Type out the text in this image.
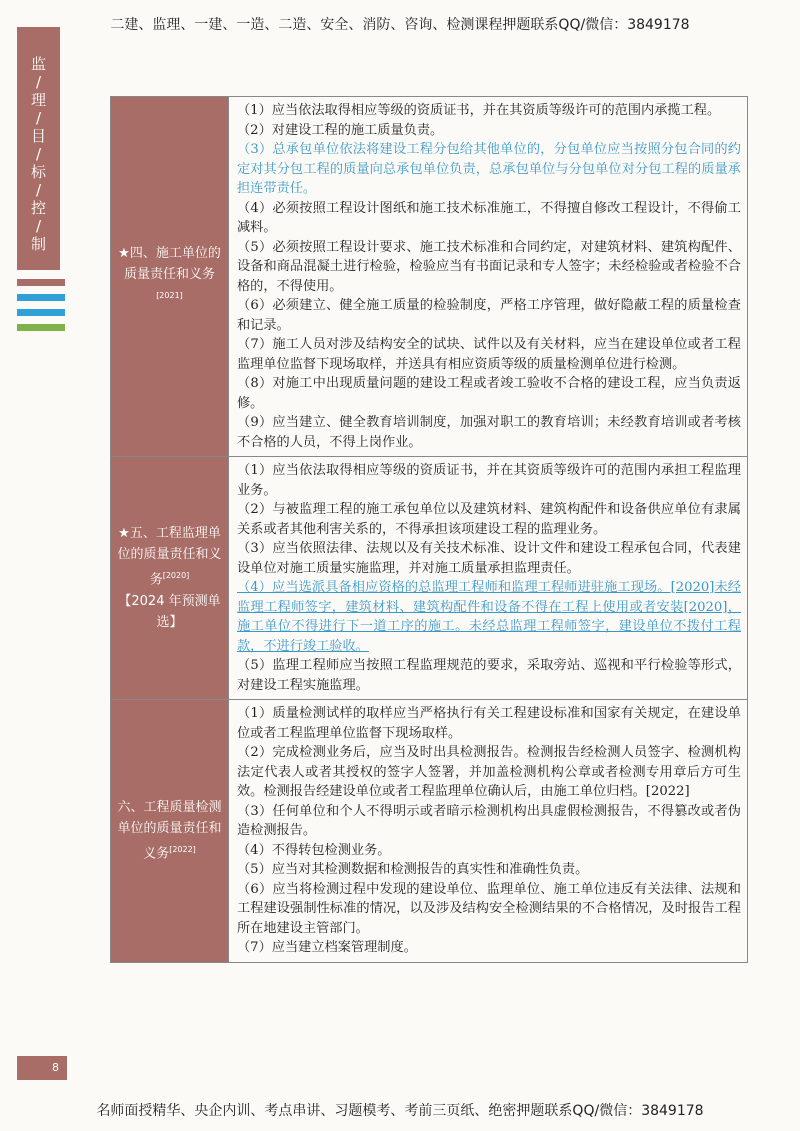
二建、监理、一建、一造、二造、安全、消防、咨询、检测课程押题联系QQ/微信：3849178
监
/
理
/
目
/
标
/
控
/
制
★四、施工单位的质量责任和义务[2021]

（1）应当依法取得相应等级的资质证书，并在其资质等级许可的范围内承揽工程。

（2）对建设工程的施工质量负责。

（3）总承包单位依法将建设工程分包给其他单位的，分包单位应当按照分包合同的约定对其分包工程的质量向总承包单位负责，总承包单位与分包单位对分包工程的质量承担连带责任。

（4）必须按照工程设计图纸和施工技术标准施工，不得擅自修改工程设计，不得偷工减料。

（5）必须按照工程设计要求、施工技术标准和合同约定，对建筑材料、建筑构配件、设备和商品混凝土进行检验，检验应当有书面记录和专人签字；未经检验或者检验不合格的，不得使用。

（6）必须建立、健全施工质量的检验制度，严格工序管理，做好隐蔽工程的质量检查和记录。

（7）施工人员对涉及结构安全的试块、试件以及有关材料，应当在建设单位或者工程监理单位监督下现场取样，并送具有相应资质等级的质量检测单位进行检测。

（8）对施工中出现质量问题的建设工程或者竣工验收不合格的建设工程，应当负责返修。

（9）应当建立、健全教育培训制度，加强对职工的教育培训；未经教育培训或者考核不合格的人员，不得上岗作业。

★五、工程监理单位的质量责任和义务[2020]
【2024 年预测单选】

（1）应当依法取得相应等级的资质证书，并在其资质等级许可的范围内承担工程监理业务。

（2）与被监理工程的施工承包单位以及建筑材料、建筑构配件和设备供应单位有隶属关系或者其他利害关系的，不得承担该项建设工程的监理业务。

（3）应当依照法律、法规以及有关技术标准、设计文件和建设工程承包合同，代表建设单位对施工质量实施监理，并对施工质量承担监理责任。

（4）应当选派具备相应资格的总监理工程师和监理工程师进驻施工现场。[2020]未经监理工程师签字，建筑材料、建筑构配件和设备不得在工程上使用或者安装[2020]，施工单位不得进行下一道工序的施工。未经总监理工程师签字，建设单位不拨付工程款，不进行竣工验收。

（5）监理工程师应当按照工程监理规范的要求，采取旁站、巡视和平行检验等形式，对建设工程实施监理。

六、工程质量检测单位的质量责任和义务[2022]

（1）质量检测试样的取样应当严格执行有关工程建设标准和国家有关规定，在建设单位或者工程监理单位监督下现场取样。

（2）完成检测业务后，应当及时出具检测报告。检测报告经检测人员签字、检测机构法定代表人或者其授权的签字人签署，并加盖检测机构公章或者检测专用章后方可生效。检测报告经建设单位或者工程监理单位确认后，由施工单位归档。[2022]

（3）任何单位和个人不得明示或者暗示检测机构出具虚假检测报告，不得篡改或者伪造检测报告。

（4）不得转包检测业务。

（5）应当对其检测数据和检测报告的真实性和准确性负责。

（6）应当将检测过程中发现的建设单位、监理单位、施工单位违反有关法律、法规和工程建设强制性标准的情况，以及涉及结构安全检测结果的不合格情况，及时报告工程所在地建设主管部门。

（7）应当建立档案管理制度。

8
名师面授精华、央企内训、考点串讲、习题模考、考前三页纸、绝密押题联系QQ/微信：3849178
